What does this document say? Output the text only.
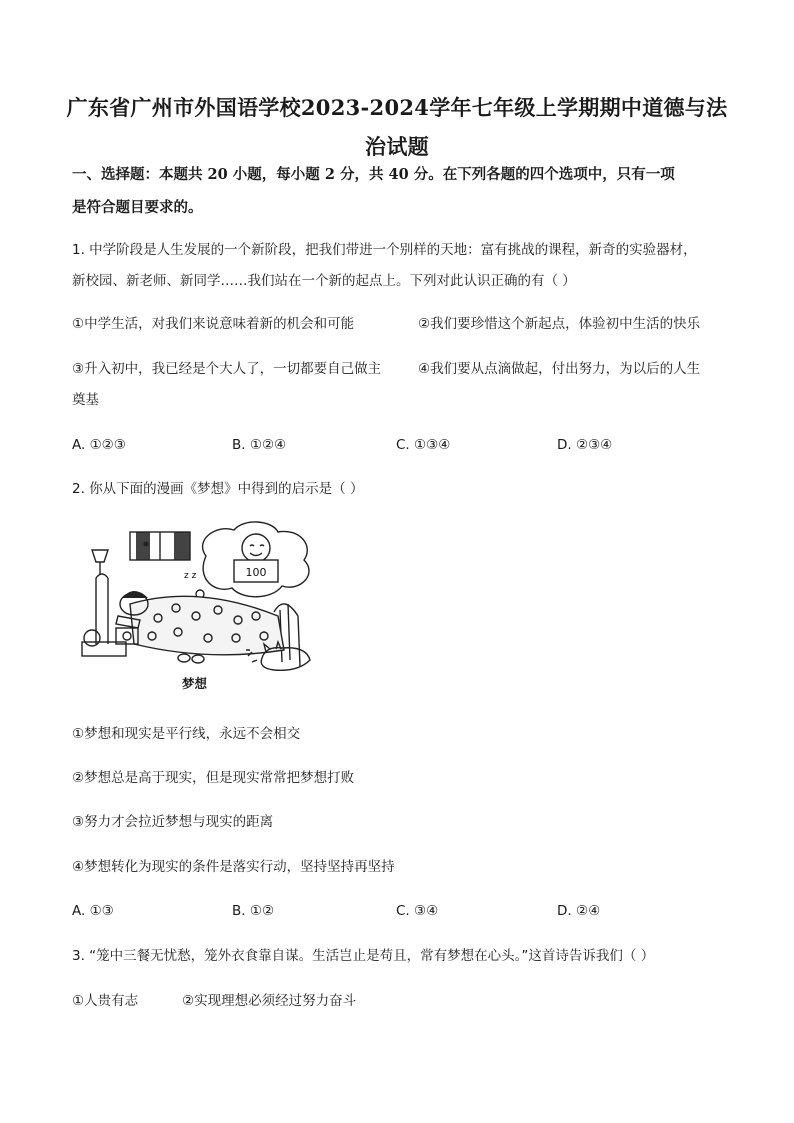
广东省广州市外国语学校2023-2024学年七年级上学期期中道德与法
治试题
一、选择题：本题共 20 小题，每小题 2 分，共 40 分。在下列各题的四个选项中，只有一项
是符合题目要求的。
1. 中学阶段是人生发展的一个新阶段，把我们带进一个别样的天地：富有挑战的课程，新奇的实验器材，
新校园、新老师、新同学……我们站在一个新的起点上。下列对此认识正确的有（ ）
①中学生活，对我们来说意味着新的机会和可能	②我们要珍惜这个新起点，体验初中生活的快乐
③升入初中，我已经是个大人了，一切都要自己做主	④我们要从点滴做起，付出努力，为以后的人生
奠基
A. ①②③	B. ①②④	C. ①③④	D. ②③④
2. 你从下面的漫画《梦想》中得到的启示是（ ）
100
z z
梦想
①梦想和现实是平行线，永远不会相交
②梦想总是高于现实，但是现实常常把梦想打败
③努力才会拉近梦想与现实的距离
④梦想转化为现实的条件是落实行动，坚持坚持再坚持
A. ①③	B. ①②	C. ③④	D. ②④
3. “笼中三餐无忧愁，笼外衣食靠自谋。生活岂止是苟且，常有梦想在心头。”这首诗告诉我们（ ）
①人贵有志	②实现理想必须经过努力奋斗
